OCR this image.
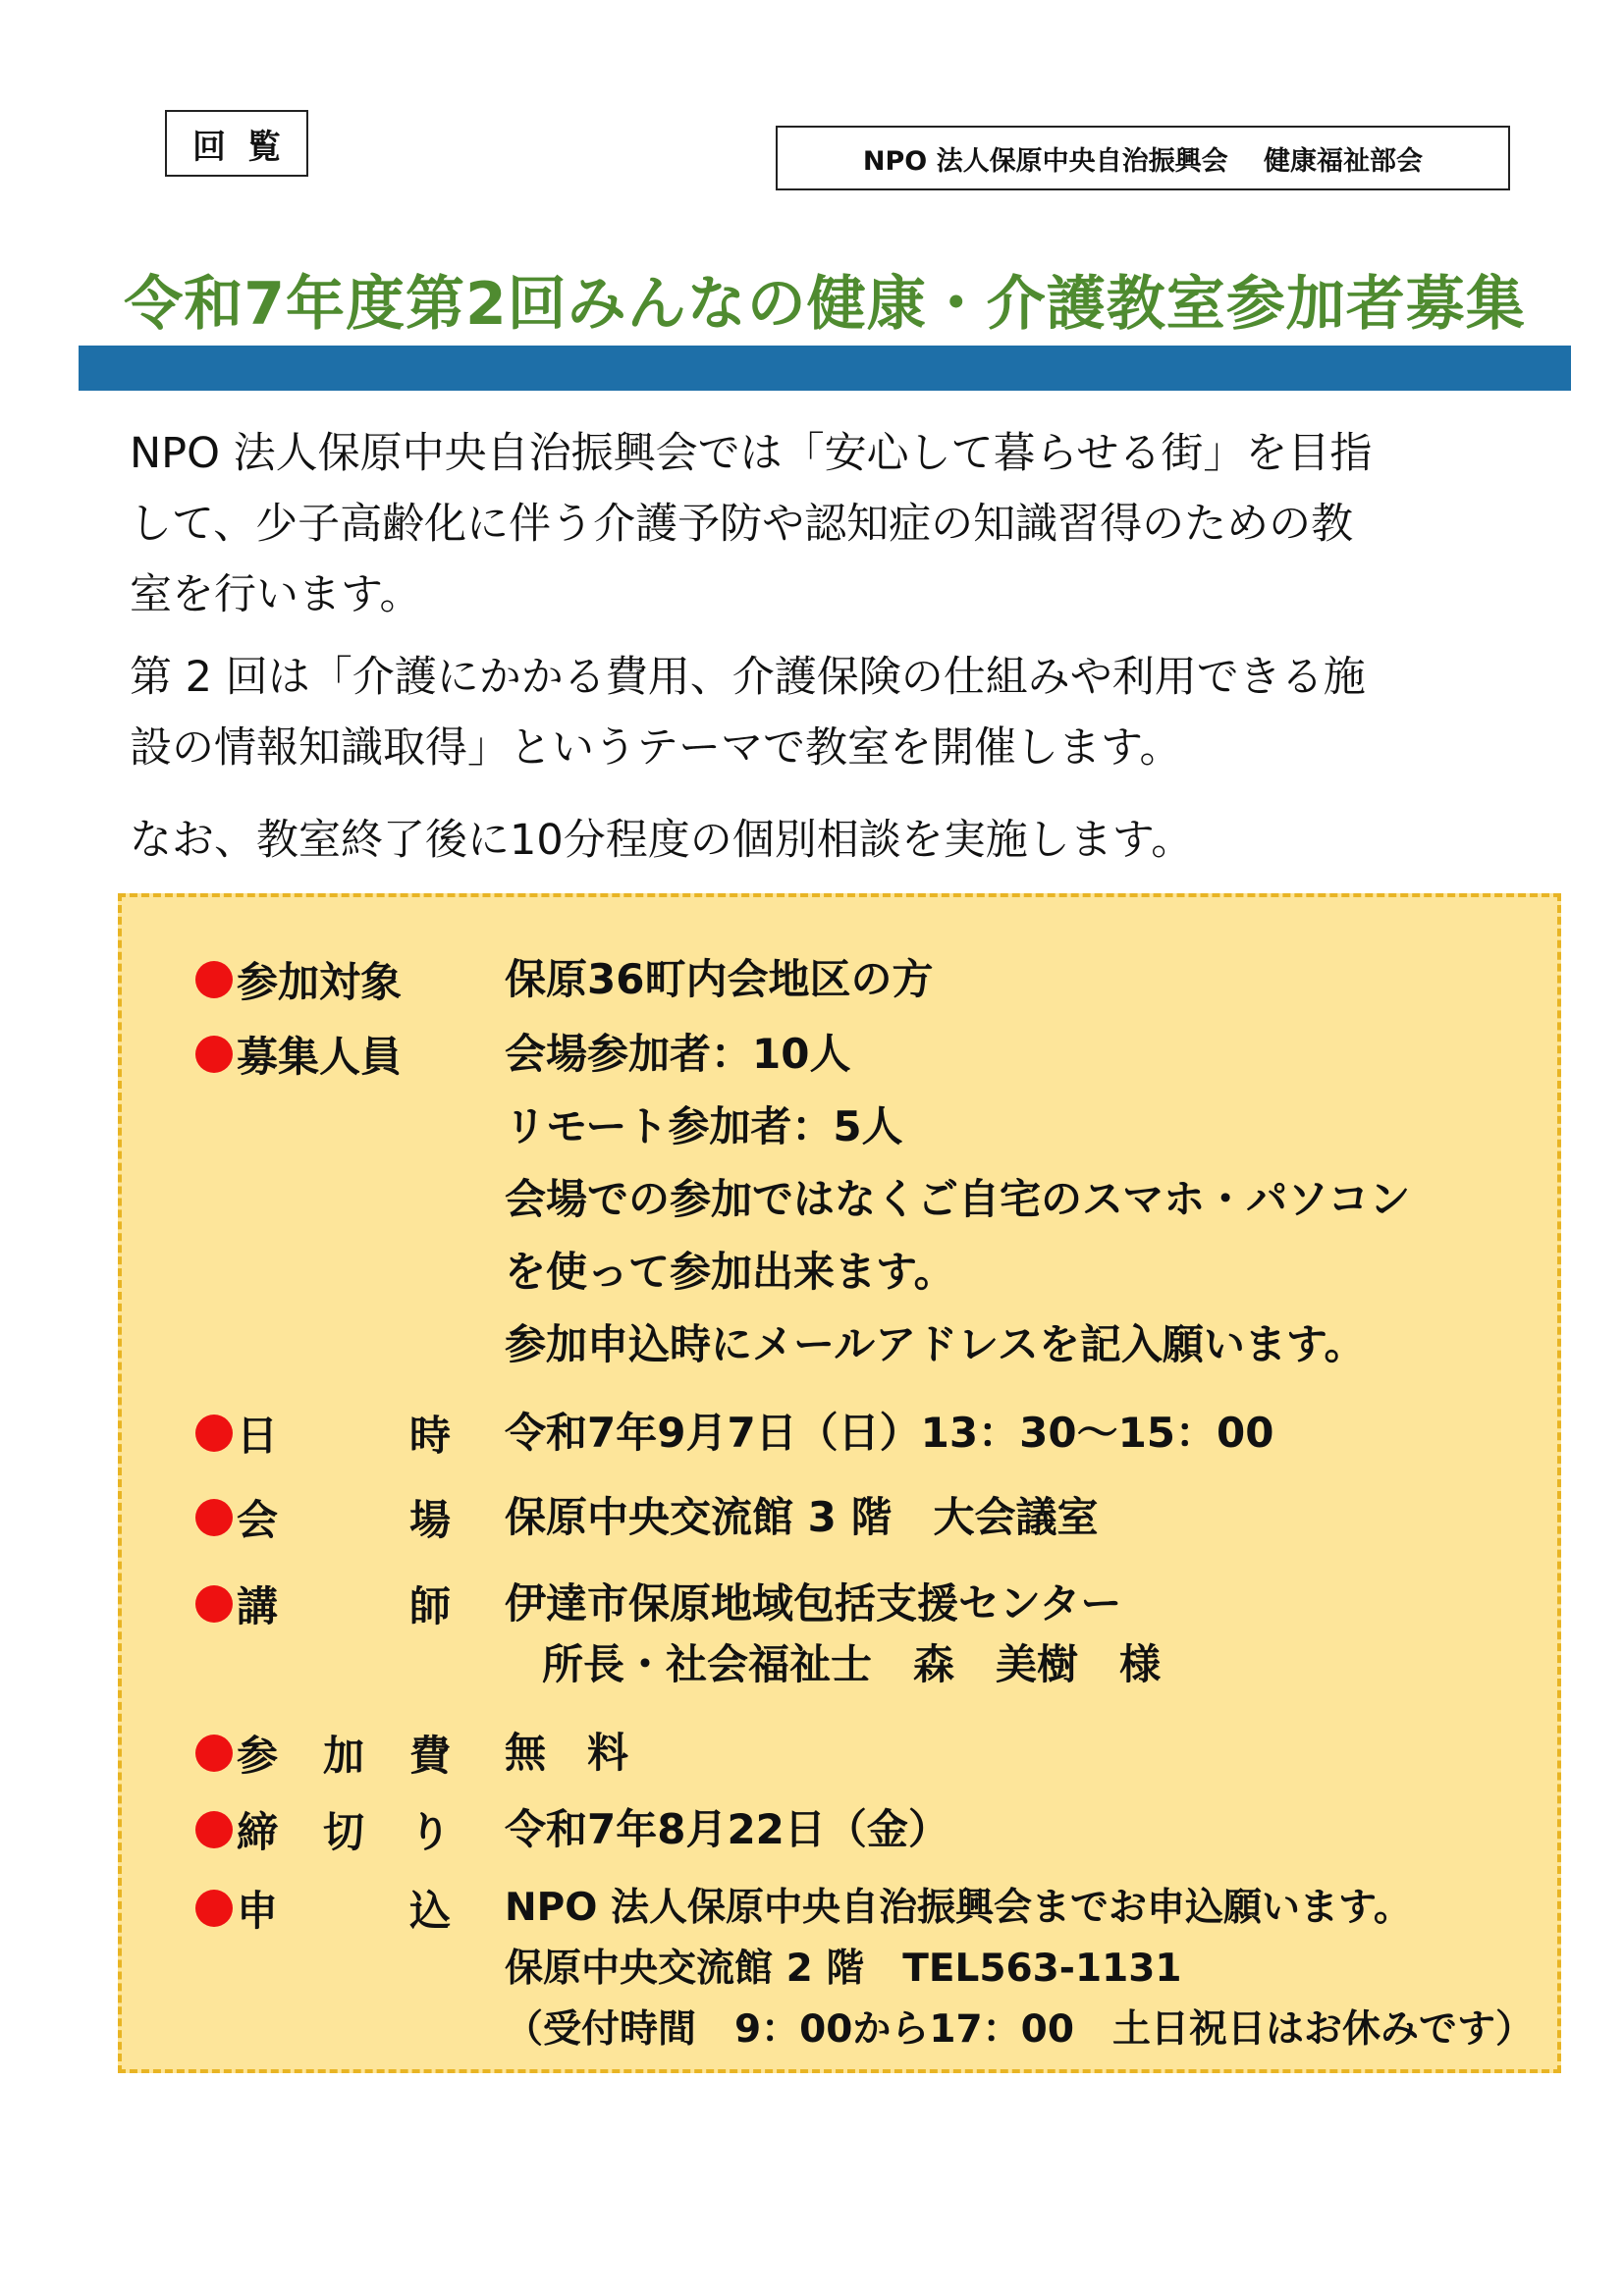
回覧	NPO 法人保原中央自治振興会　 健康福祉部会
令和7年度第2回みんなの健康・介護教室参加者募集
NPO 法人保原中央自治振興会では「安心して暮らせる街」を目指
して、少子高齢化に伴う介護予防や認知症の知識習得のための教
室を行います。
第 2 回は「介護にかかる費用、介護保険の仕組みや利用できる施
設の情報知識取得」というテーマで教室を開催します。
なお、教室終了後に10分程度の個別相談を実施します。
参加対象	保原36町内会地区の方
募集人員	会場参加者：10人
リモート参加者：5人
会場での参加ではなくご自宅のスマホ・パソコン
を使って参加出来ます。
参加申込時にメールアドレスを記入願います。
日	時 令和7年9月7日（日）13：30～15：00
会	場 保原中央交流館 3 階　大会議室
講	師 伊達市保原地域包括支援センター
所長・社会福祉士　森　美樹　様
参 加 費 無　料
締 切 り 令和7年8月22日（金）
申	込 NPO 法人保原中央自治振興会までお申込願います。
保原中央交流館 2 階　TEL563-1131
（受付時間　9：00から17：00　土日祝日はお休みです）
